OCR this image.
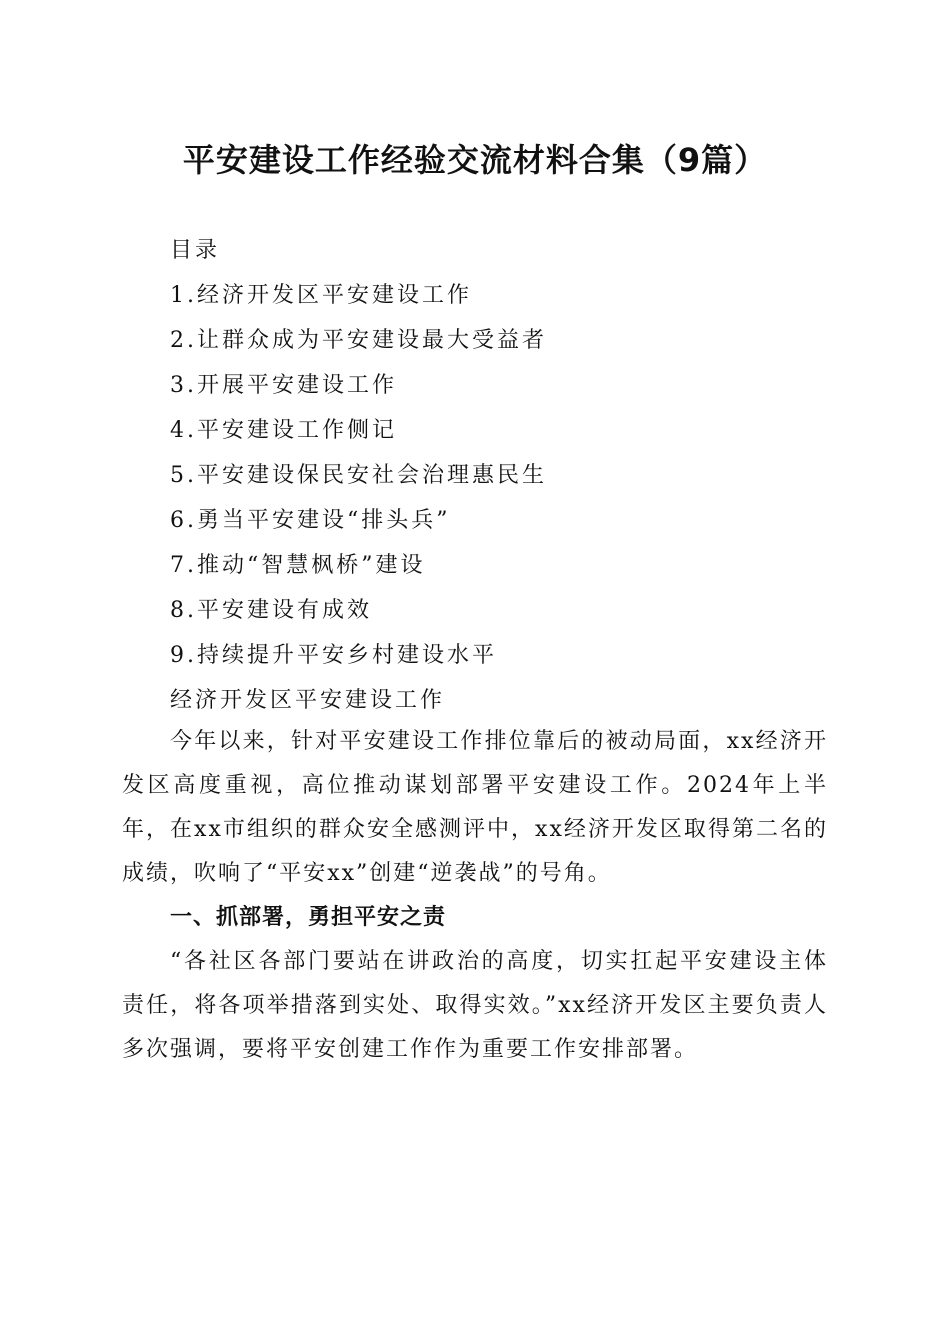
平安建设工作经验交流材料合集（9篇）
目录
1.经济开发区平安建设工作
2.让群众成为平安建设最大受益者
3.开展平安建设工作
4.平安建设工作侧记
5.平安建设保民安社会治理惠民生
6.勇当平安建设“排头兵”
7.推动“智慧枫桥”建设
8.平安建设有成效
9.持续提升平安乡村建设水平
经济开发区平安建设工作

今年以来，针对平安建设工作排位靠后的被动局面，xx经济开发区高度重视，高位推动谋划部署平安建设工作。2024年上半年，在xx市组织的群众安全感测评中，xx经济开发区取得第二名的成绩，吹响了“平安xx”创建“逆袭战”的号角。

一、抓部署，勇担平安之责

“各社区各部门要站在讲政治的高度，切实扛起平安建设主体责任，将各项举措落到实处、取得实效。”xx经济开发区主要负责人多次强调，要将平安创建工作作为重要工作安排部署。
